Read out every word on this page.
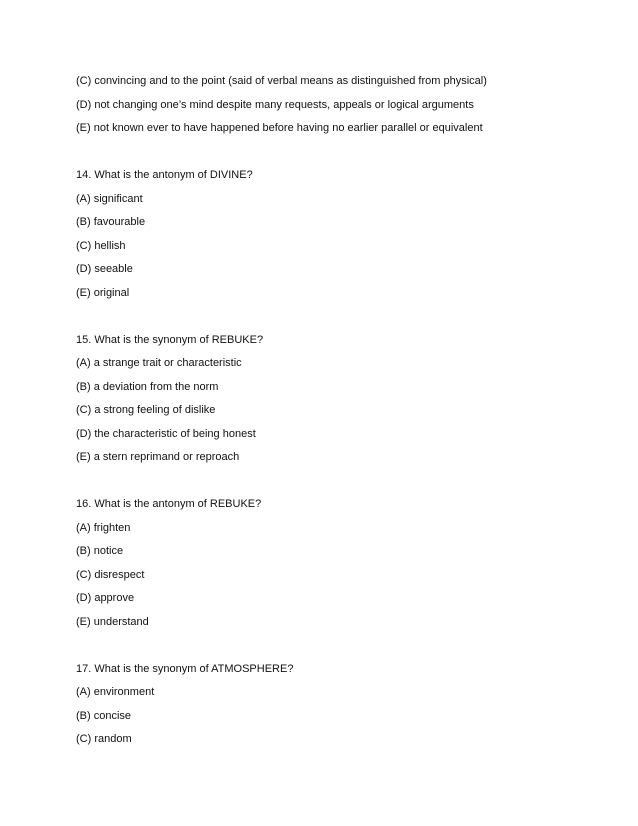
(C) convincing and to the point (said of verbal means as distinguished from physical)
(D) not changing one’s mind despite many requests, appeals or logical arguments
(E) not known ever to have happened before having no earlier parallel or equivalent
14. What is the antonym of DIVINE?
(A) significant
(B) favourable
(C) hellish
(D) seeable
(E) original
15. What is the synonym of REBUKE?
(A) a strange trait or characteristic
(B) a deviation from the norm
(C) a strong feeling of dislike
(D) the characteristic of being honest
(E) a stern reprimand or reproach
16. What is the antonym of REBUKE?
(A) frighten
(B) notice
(C) disrespect
(D) approve
(E) understand
17. What is the synonym of ATMOSPHERE?
(A) environment
(B) concise
(C) random
